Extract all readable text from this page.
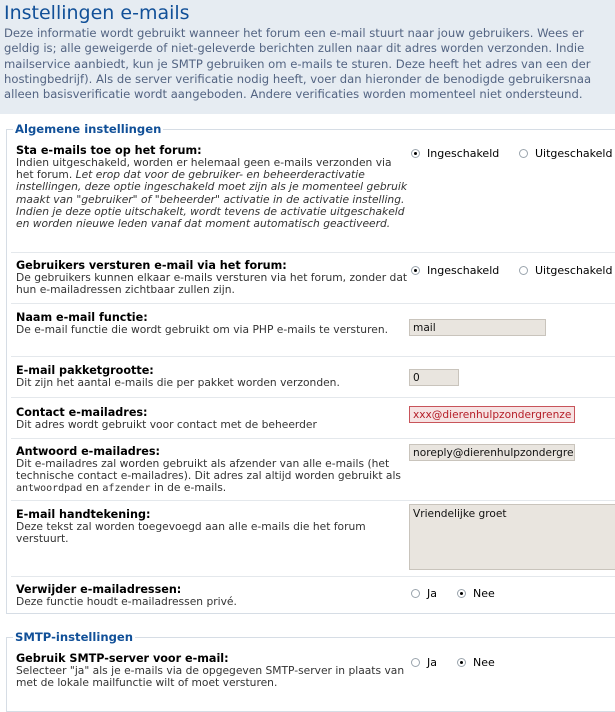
Instellingen e-mails
Deze informatie wordt gebruikt wanneer het forum een e-mail stuurt naar jouw gebruikers. Wees er
geldig is; alle geweigerde of niet-geleverde berichten zullen naar dit adres worden verzonden. Indie
mailservice aanbiedt, kun je SMTP gebruiken om e-mails te sturen. Deze heeft het adres van een der
hostingbedrijf). Als de server verificatie nodig heeft, voer dan hieronder de benodigde gebruikersnaa
alleen basisverificatie wordt aangeboden. Andere verificaties worden momenteel niet ondersteund.
Algemene instellingen
Sta e-mails toe op het forum:
Indien uitgeschakeld, worden er helemaal geen e-mails verzonden via het forum. Let erop dat voor de gebruiker- en beheerderactivatie instellingen, deze optie ingeschakeld moet zijn als je momenteel gebruik maakt van "gebruiker" of "beheerder" activatie in de activatie instelling. Indien je deze optie uitschakelt, wordt tevens de activatie uitgeschakeld en worden nieuwe leden vanaf dat moment automatisch geactiveerd.
Ingeschakeld	Uitgeschakeld
Gebruikers versturen e-mail via het forum:
De gebruikers kunnen elkaar e-mails versturen via het forum, zonder dat hun e-mailadressen zichtbaar zullen zijn.
Ingeschakeld	Uitgeschakeld
Naam e-mail functie:
De e-mail functie die wordt gebruikt om via PHP e-mails te versturen.	mail
E-mail pakketgrootte:
Dit zijn het aantal e-mails die per pakket worden verzonden.	0
Contact e-mailadres:
Dit adres wordt gebruikt voor contact met de beheerder
xxx@dierenhulpzondergrenze
Antwoord e-mailadres:
Dit e-mailadres zal worden gebruikt als afzender van alle e-mails (het technische contact e-mailadres). Dit adres zal altijd worden gebruikt als antwoordpad en afzender in de e-mails.
noreply@dierenhulpzondergre
E-mail handtekening:
Deze tekst zal worden toegevoegd aan alle e-mails die het forum verstuurt.
Vriendelijke groet
Verwijder e-mailadressen:
Deze functie houdt e-mailadressen privé.
Ja	Nee
SMTP-instellingen
Gebruik SMTP-server voor e-mail:
Selecteer "ja" als je e-mails via de opgegeven SMTP-server in plaats van met de lokale mailfunctie wilt of moet versturen.
Ja	Nee
